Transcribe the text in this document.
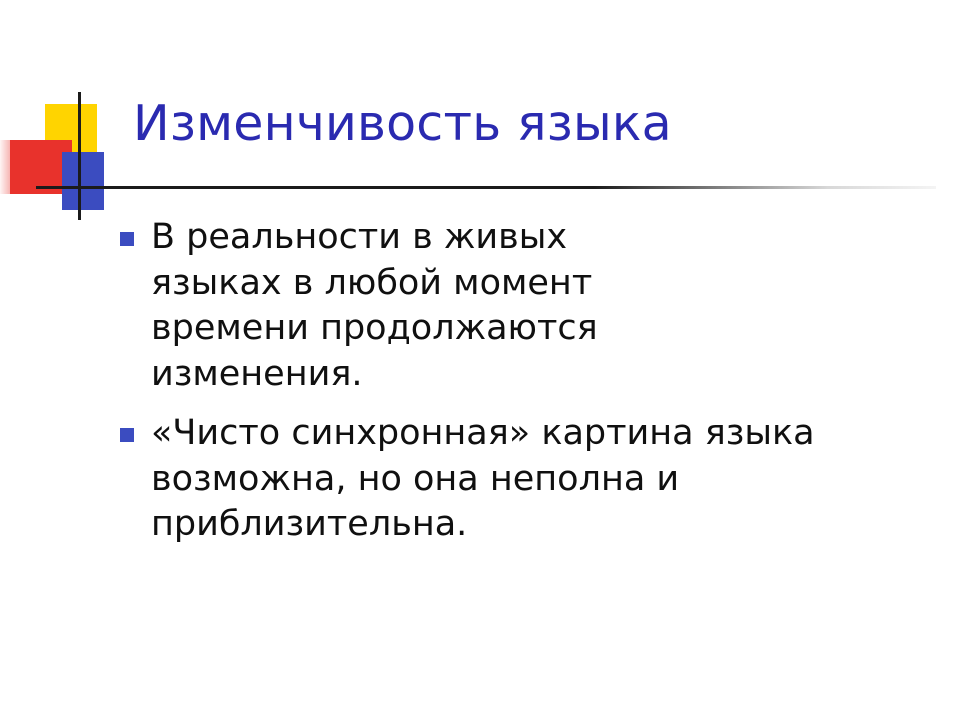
Изменчивость языка
В реальности в живых языках в любой момент времени продолжаются изменения.
«Чисто синхронная» картина языка возможна, но она неполна и приблизительна.
